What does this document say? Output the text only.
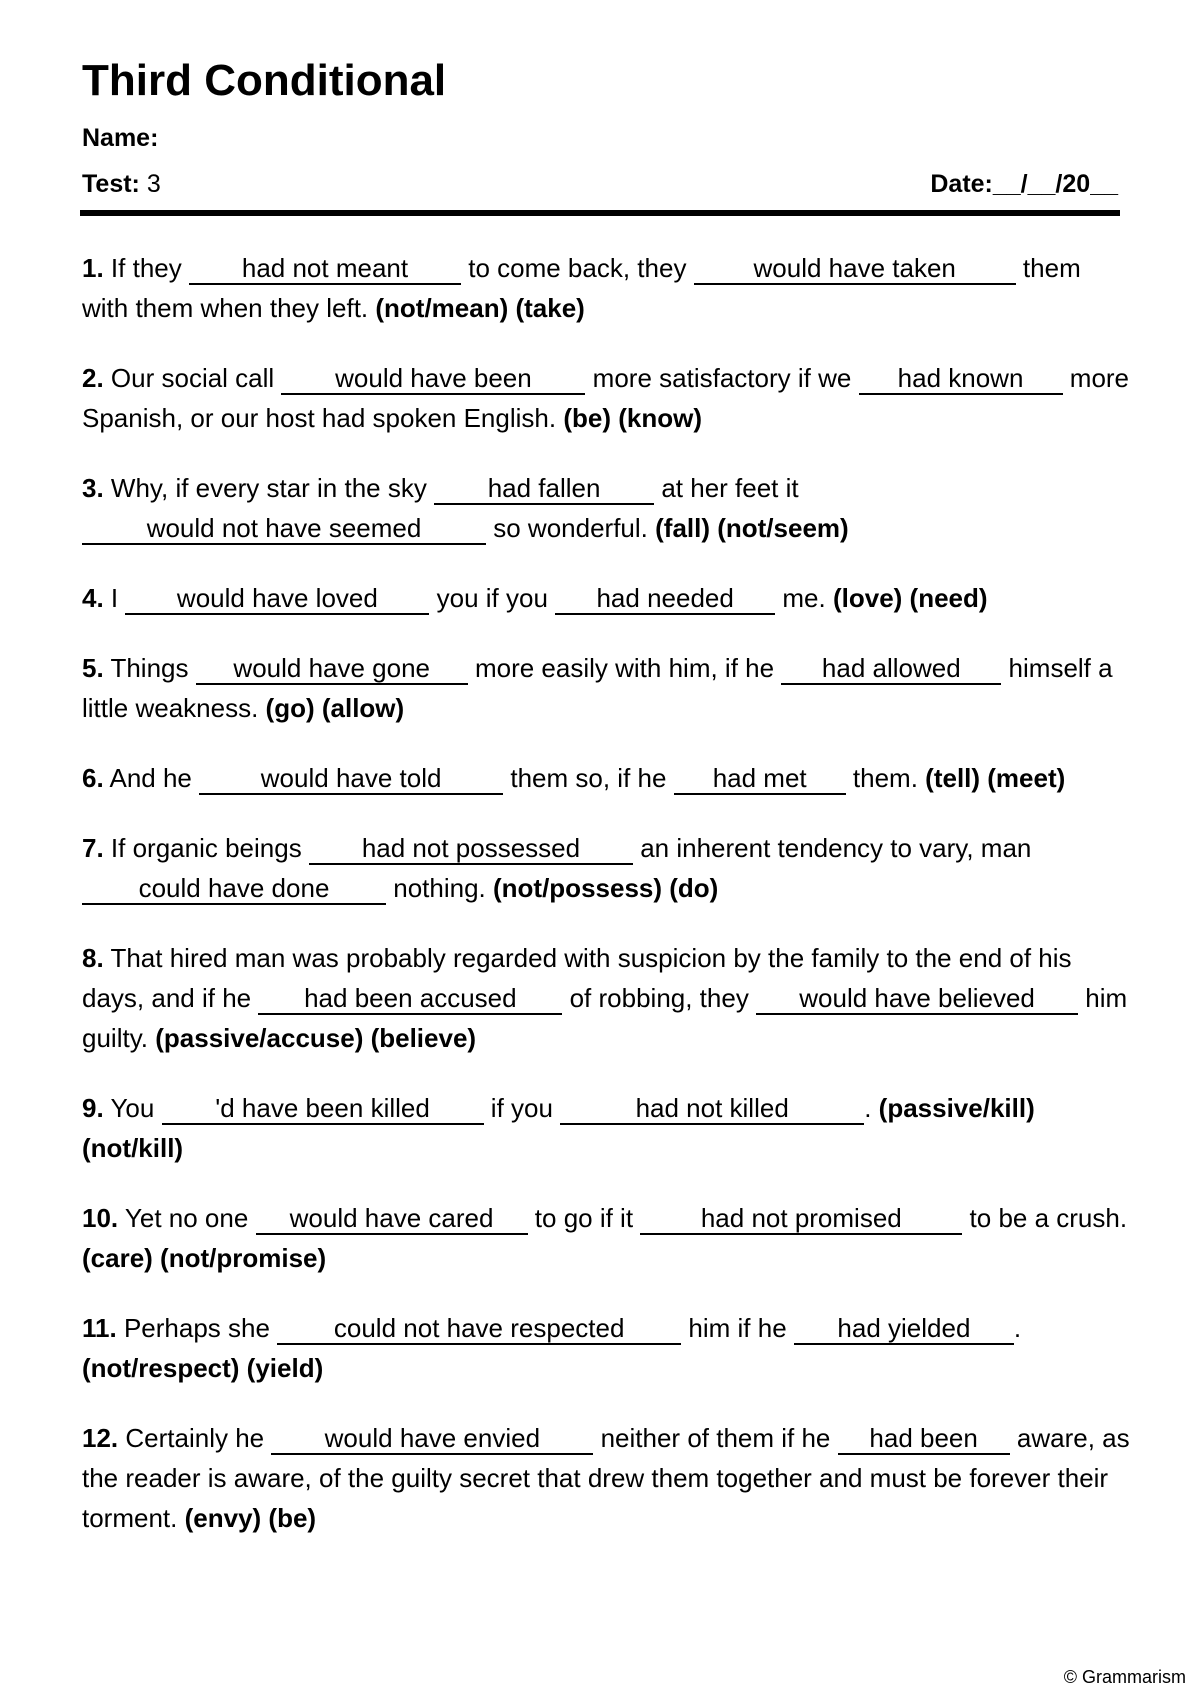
Third Conditional
Name:
Test: 3	Date:__/__/20__

1. If they had not meant to come back, they	would have taken	them with them when they left. (not/mean) (take)

2. Our social call would have been more satisfactory if we had known more Spanish, or our host had spoken English. (be) (know)

3. Why, if every star in the sky had fallen at her feet it would not have seemed	so wonderful. (fall) (not/seem)

4. I would have loved you if you had needed me. (love) (need)

5. Things would have gone more easily with him, if he had allowed himself a little weakness. (go) (allow)

6. And he	would have told	them so, if he had met them. (tell) (meet)

7. If organic beings had not possessed an inherent tendency to vary, man could have done nothing. (not/possess) (do)

8. That hired man was probably regarded with suspicion by the family to the end of his days, and if he had been accused of robbing, they would have believed him guilty. (passive/accuse) (believe)

9. You 'd have been killed if you	had not killed	. (passive/kill) (not/kill)

10. Yet no one would have cared to go if it	had not promised	to be a crush. (care) (not/promise)

11. Perhaps she could not have respected him if he had yielded . (not/respect) (yield)

12. Certainly he would have envied neither of them if he had been aware, as the reader is aware, of the guilty secret that drew them together and must be forever their torment. (envy) (be)

© Grammarism
